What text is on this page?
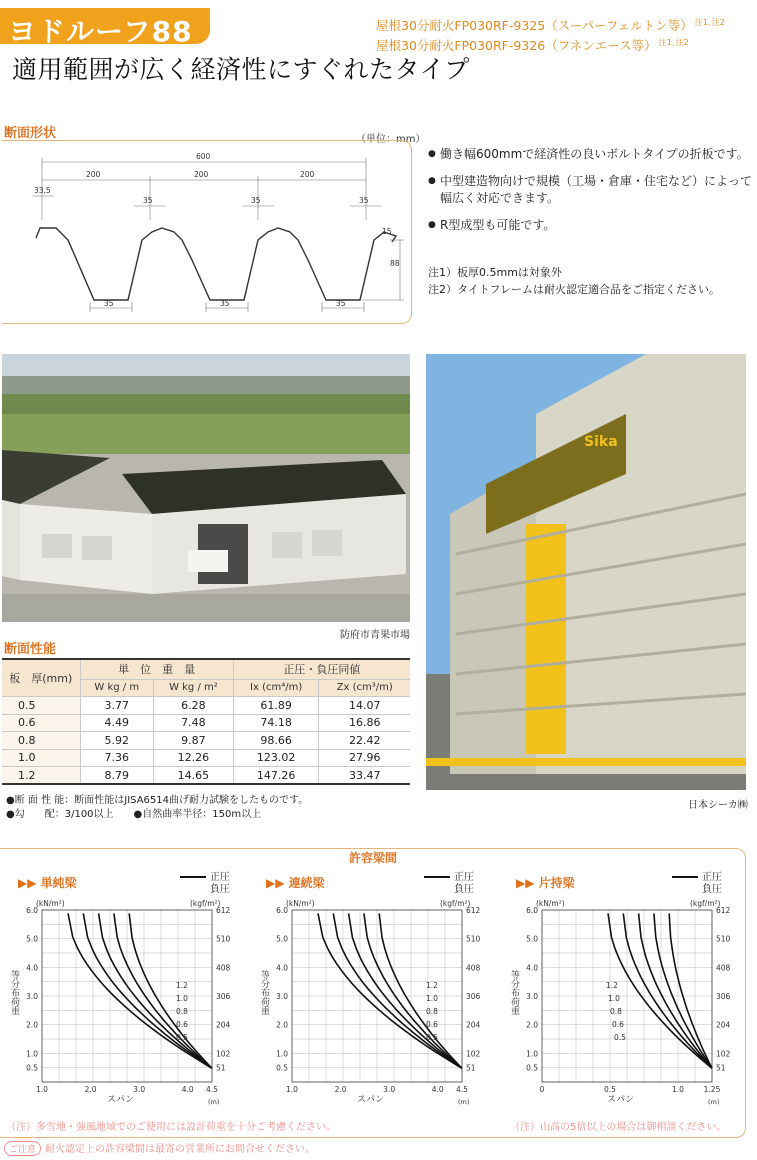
ヨドルーフ88	屋根30分耐火FP030RF-9325（スーパーフェルトン等） $^{注1､注2}$
屋根30分耐火FP030RF-9326（フネンエース等） $^{注1､注2}$
適用範囲が広く経済性にすぐれたタイプ
断面形状	（単位：mm）
600
200	200	200
33.5
35	35	35
35	35	35
88
15
● 働き幅600mmで経済性の良いボルトタイプの折板です。
● 中型建造物向けで規模（工場・倉庫・住宅など）によって幅広く対応できます。
● R型成型も可能です。
注1）板厚0.5mmは対象外
注2）タイトフレームは耐火認定適合品をご指定ください。
防府市青果市場
Sika
日本シーカ㈱
断面性能
板　厚(mm)	単　位　重　量		正圧・負圧同値	
	W kg / m	W kg / m²	Ix (cm⁴/m)	Zx (cm³/m)
0.5	3.77	6.28	61.89	14.07
0.6	4.49	7.48	74.18	16.86
0.8	5.92	9.87	98.66	22.42
1.0	7.36	12.26	123.02	27.96
1.2	8.79	14.65	147.26	33.47
●断 面 性 能：断面性能はJISA6514曲げ耐力試験をしたものです。
●勾　　配：3/100以上　　●自然曲率半径：150m以上
許容梁間
▶▶ 単純梁	正圧
負圧	▶▶ 連続梁	正圧
負圧	▶▶ 片持梁	正圧
負圧
6.0
5.0
4.0
3.0
2.0
1.0
0.5
612
510
408
306
204
102
51
1.0	2.0	3.0	4.0 4.5
(kN/m²)	(kgf/m²)
等分布荷重
スパン	(m)
1.2
1.0
0.8
0.6
0.5
6.0
5.0
4.0
3.0
2.0
1.0
0.5
612
510
408
306
204
102
51
1.0	2.0	3.0	4.0 4.5
(kN/m²)	(kgf/m²)
等分布荷重
スパン	(m)
1.2
1.0
0.8
0.6
0.5
6.0
5.0
4.0
3.0
2.0
1.0
0.5
612
510
408
306
204
102
51
0	0.5	1.0	1.25
(kN/m²)	(kgf/m²)
等分布荷重
スパン	(m)
1.2
1.0
0.8
0.6
0.5
（注）多雪地・強風地域でのご使用には設計荷重を十分ご考慮ください。	（注）山高の5倍以上の場合は御相談ください。
ご注意 耐火認定上の許容梁間は最寄の営業所にお問合せください。
